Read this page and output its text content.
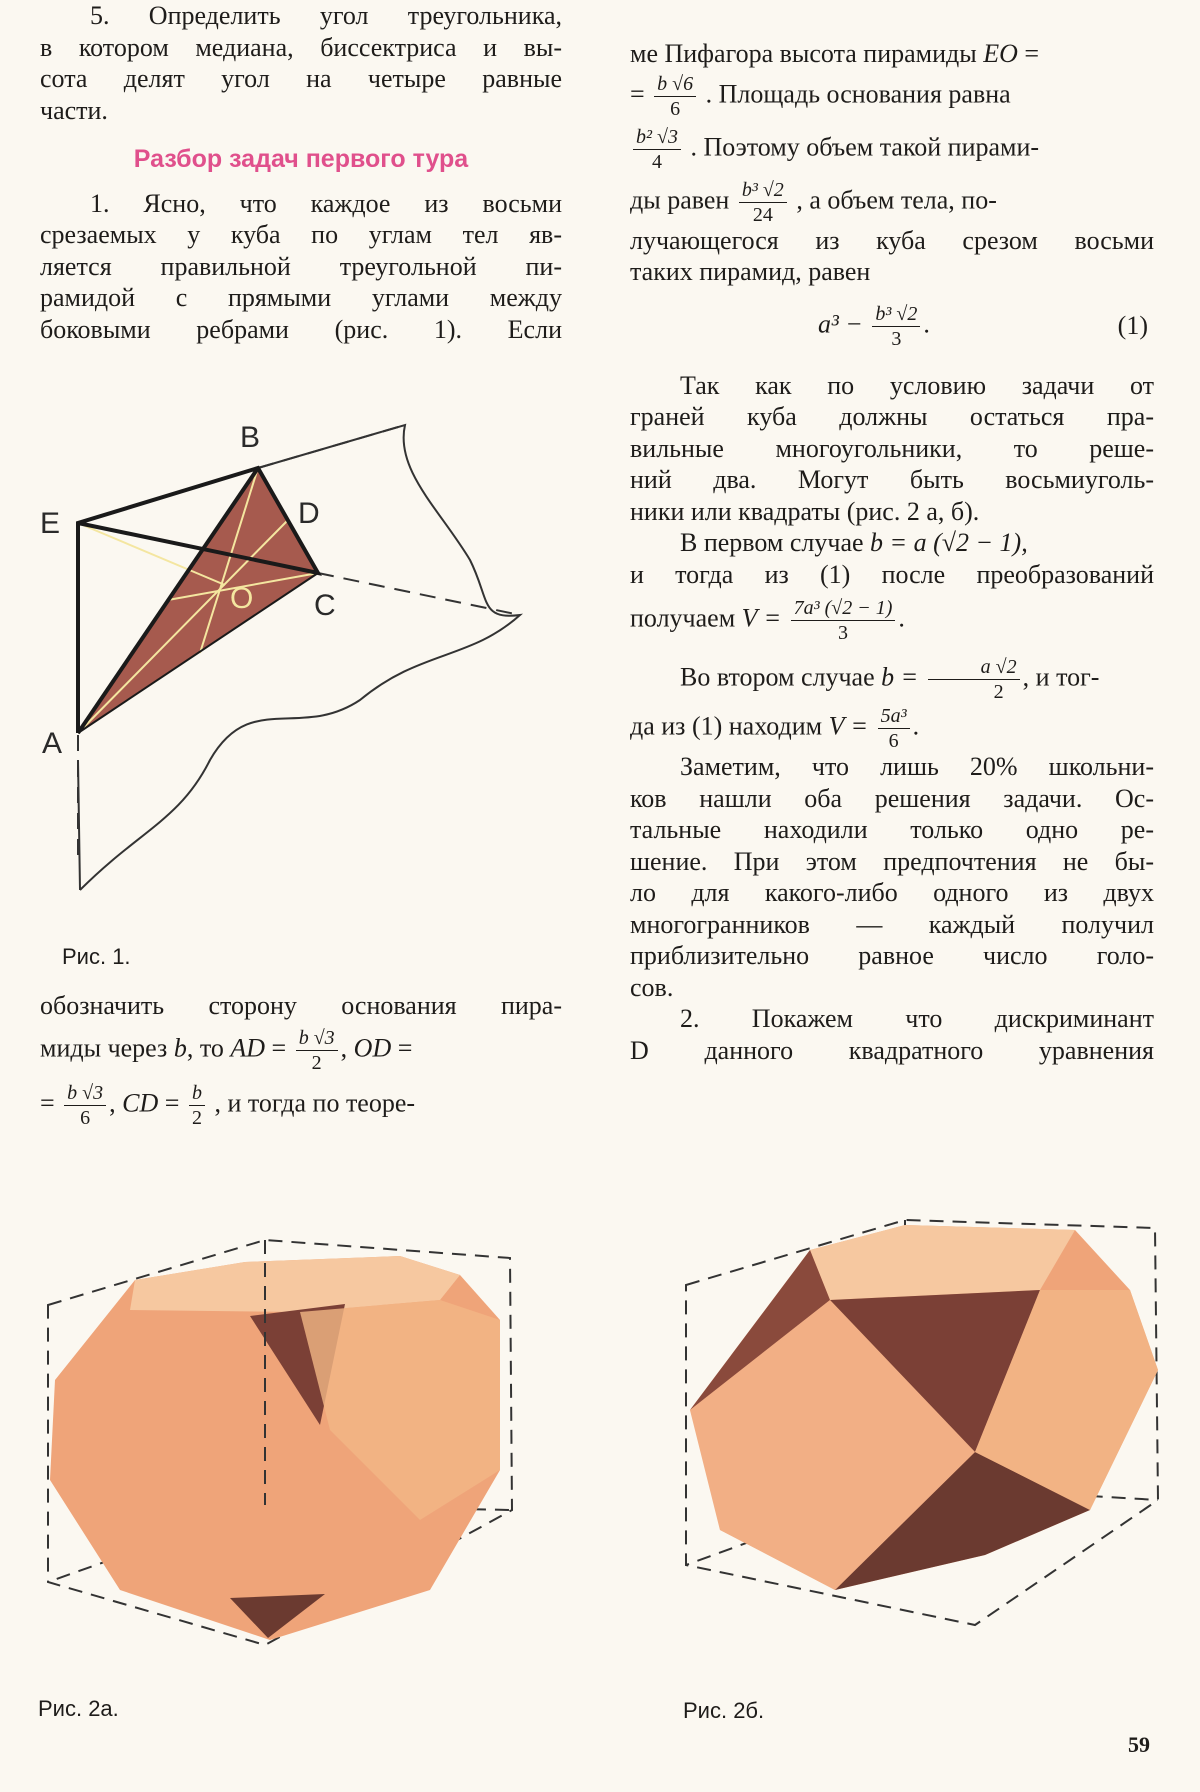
5. Определить угол треугольника,

в котором медиана, биссектриса и вы-

сота делят угол на четыре равные

части.

Разбор задач первого тура

1. Ясно, что каждое из восьми

срезаемых у куба по углам тел яв-

ляется правильной треугольной пи-

рамидой с прямыми углами между

боковыми ребрами (рис. 1). Если

B
E	D
C
A
O
Рис. 1.

обозначить сторону основания пира-

миды через b, то AD = $\frac{b √3}{2}$ , OD =

= $\frac{b √3}{6}$ , CD = $\frac{b}{2}$ , и тогда по теоре-

ме Пифагора высота пирамиды EO =

= $\frac{b √6}{6}$ . Площадь основания равна

$\frac{\text{b² √3}}{4}$ . Поэтому объем такой пирами-

ды равен $\frac{\text{b³ √2}}{24}$ , а объем тела, по-

лучающегося из куба срезом восьми

таких пирамид, равен

$a^3 - \frac{\text{b³ √2}}{3}$ .	(1)

Так как по условию задачи от

граней куба должны остаться пра-

вильные многоугольники, то реше-

ний два. Могут быть восьмиуголь-

ники или квадраты (рис. 2 а, б).

В первом случае b = a (√2 − 1),

и тогда из (1) после преобразований

получаем $V = \frac{\text{7a³ (√2 − 1)}}{3}$ .

Во втором случае $b = \frac{a √2}{2}$ , и тог-

да из (1) находим $V = \frac{\text{5a³}}{6}$ .

Заметим, что лишь 20% школьни-

ков нашли оба решения задачи. Ос-

тальные находили только одно ре-

шение. При этом предпочтения не бы-

ло для какого-либо одного из двух

многогранников — каждый получил

приблизительно равное число голо-

сов.

2. Покажем что дискриминант

D данного квадратного уравнения

Рис. 2а.	Рис. 2б.
59
